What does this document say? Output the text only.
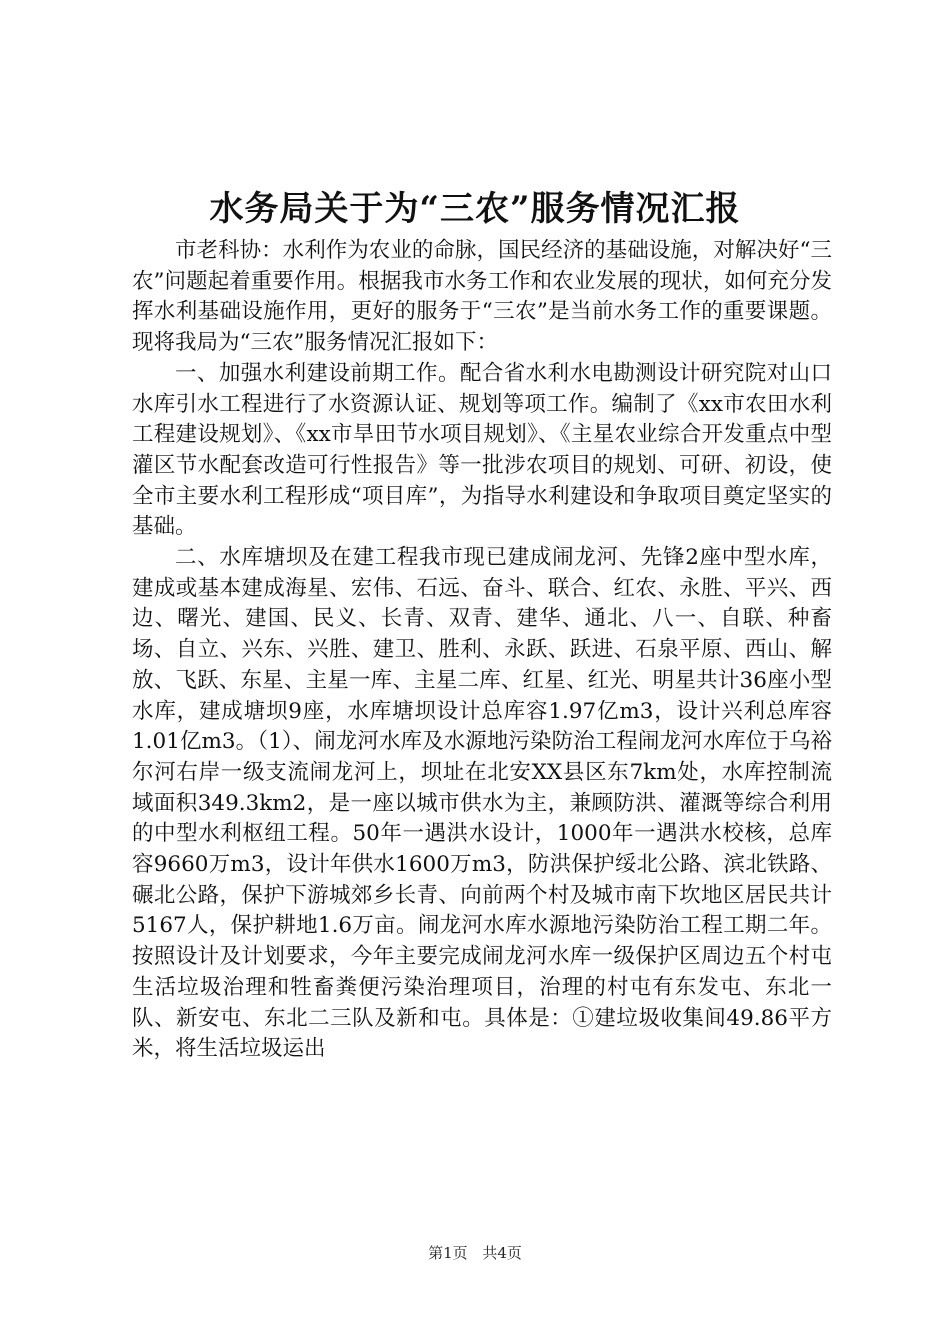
水务局关于为“三农”服务情况汇报

市老科协：水利作为农业的命脉，国民经济的基础设施，对解决好“三农”问题起着重要作用。根据我市水务工作和农业发展的现状，如何充分发挥水利基础设施作用，更好的服务于“三农”是当前水务工作的重要课题。现将我局为“三农”服务情况汇报如下：

一、加强水利建设前期工作。配合省水利水电勘测设计研究院对山口水库引水工程进行了水资源认证、规划等项工作。编制了《xx市农田水利工程建设规划》、《xx市旱田节水项目规划》、《主星农业综合开发重点中型灌区节水配套改造可行性报告》等一批涉农项目的规划、可研、初设，使全市主要水利工程形成“项目库”，为指导水利建设和争取项目奠定坚实的基础。

二、水库塘坝及在建工程我市现已建成闹龙河、先锋2座中型水库，建成或基本建成海星、宏伟、石远、奋斗、联合、红农、永胜、平兴、西边、曙光、建国、民义、长青、双青、建华、通北、八一、自联、种畜场、自立、兴东、兴胜、建卫、胜利、永跃、跃进、石泉平原、西山、解放、飞跃、东星、主星一库、主星二库、红星、红光、明星共计36座小型水库，建成塘坝9座，水库塘坝设计总库容1.97亿m3，设计兴利总库容1.01亿m3。（1）、闹龙河水库及水源地污染防治工程闹龙河水库位于乌裕尔河右岸一级支流闹龙河上，坝址在北安XX县区东7km处，水库控制流域面积349.3km2，是一座以城市供水为主，兼顾防洪、灌溉等综合利用的中型水利枢纽工程。50年一遇洪水设计，1000年一遇洪水校核，总库容9660万m3，设计年供水1600万m3，防洪保护绥北公路、滨北铁路、碾北公路，保护下游城郊乡长青、向前两个村及城市南下坎地区居民共计5167人，保护耕地1.6万亩。闹龙河水库水源地污染防治工程工期二年。按照设计及计划要求，今年主要完成闹龙河水库一级保护区周边五个村屯生活垃圾治理和牲畜粪便污染治理项目，治理的村屯有东发屯、东北一队、新安屯、东北二三队及新和屯。具体是：①建垃圾收集间49.86平方米，将生活垃圾运出

第1页 共4页
